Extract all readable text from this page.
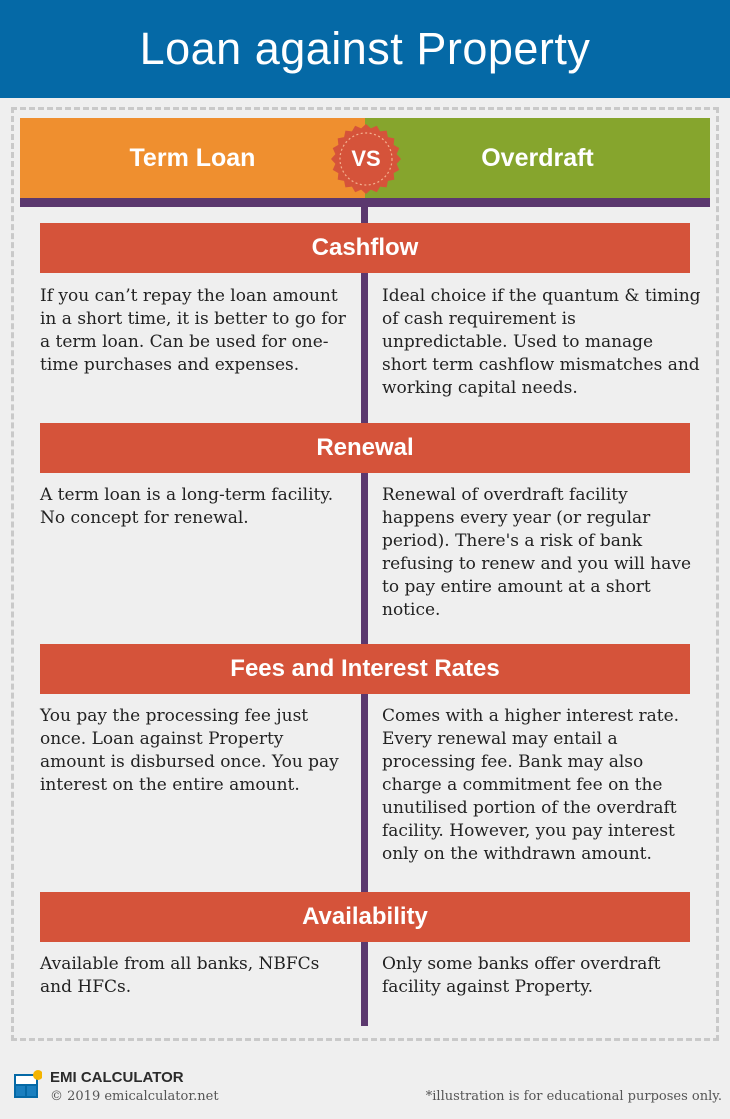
Loan against Property
Term Loan	Overdraft
VS
Cashflow
If you can’t repay the loan amount in a short time, it is better to go for a term loan. Can be used for one-time purchases and expenses.
Ideal choice if the quantum & timing of cash requirement is unpredictable. Used to manage short term cashflow mismatches and working capital needs.
Renewal
A term loan is a long-term facility. No concept for renewal.
Renewal of overdraft facility happens every year (or regular period). There's a risk of bank refusing to renew and you will have to pay entire amount at a short notice.
Fees and Interest Rates
You pay the processing fee just once. Loan against Property amount is disbursed once. You pay interest on the entire amount.
Comes with a higher interest rate. Every renewal may entail a processing fee. Bank may also charge a commitment fee on the unutilised portion of the overdraft facility. However, you pay interest only on the withdrawn amount.
Availability
Available from all banks, NBFCs and HFCs.
Only some banks offer overdraft facility against Property.
EMI CALCULATOR
© 2019 emicalculator.net	*illustration is for educational purposes only.
